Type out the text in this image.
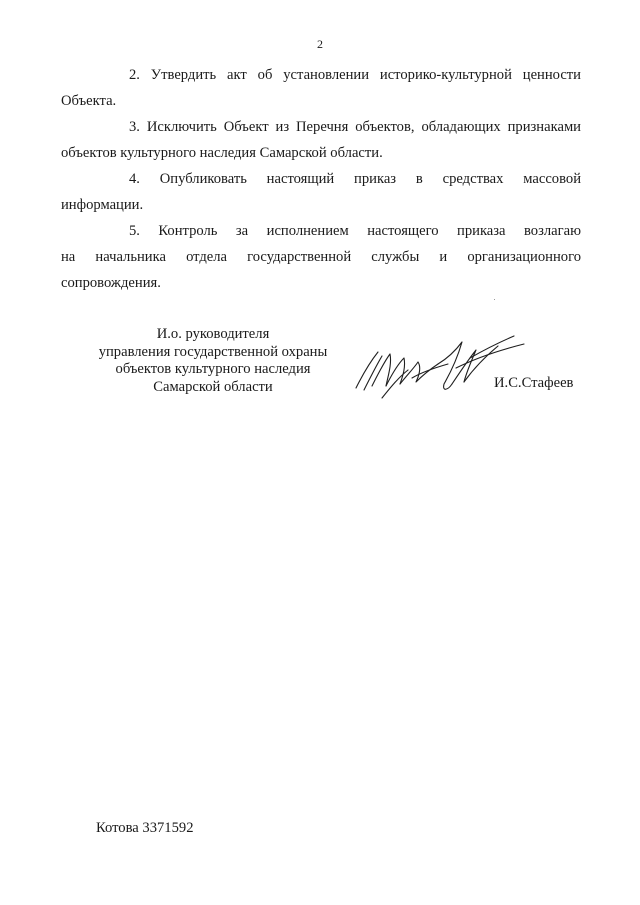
2

2. Утвердить акт об установлении историко-культурной ценности
Объекта.

3. Исключить Объект из Перечня объектов, обладающих признаками
объектов культурного наследия Самарской области.

4. Опубликовать настоящий приказ в средствах массовой
информации.

5. Контроль за исполнением настоящего приказа возлагаю
на начальника отдела государственной службы и организационного
сопровождения.

И.о. руководителя
управления государственной охраны
объектов культурного наследия
Самарской области	И.С.Стафеев
Котова 3371592
